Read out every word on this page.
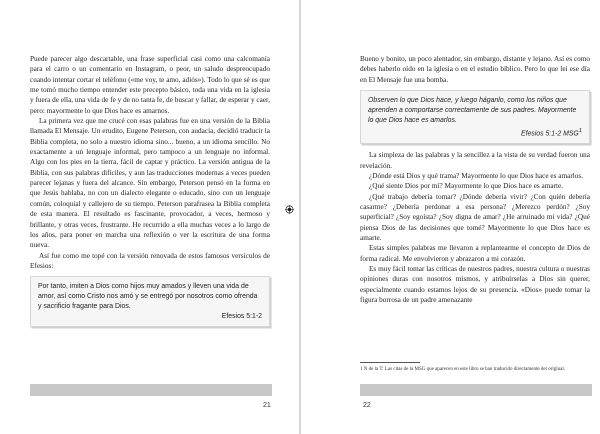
Puede parecer algo descartable, una frase superficial casi como una calcomanía para el carro o un comentario en Instagram, o peor, un saludo despreocupado cuando intentar cortar el teléfono («me voy, te amo, adiós»). Todo lo que sé es que me tomó mucho tiempo entender este precepto básico, toda una vida en la iglesia y fuera de ella, una vida de fe y de no tanta fe, de buscar y fallar, de esperar y caer, pero: mayormente lo que Dios hace es amarnos.

La primera vez que me crucé con esas palabras fue en una versión de la Biblia llamada El Mensaje. Un erudito, Eugene Peterson, con audacia, decidió traducir la Biblia completa, no solo a nuestro idioma sino... bueno, a un idioma sencillo. No exactamente a un lenguaje informal, pero tampoco a un lenguaje no informal. Algo con los pies en la tierra, fácil de captar y práctico. La versión antigua de la Biblia, con sus palabras difíciles, y aun las traducciones modernas a veces pueden parecer lejanas y fuera del alcance. Sin embargo, Peterson pensó en la forma en que Jesús hablaba, no con un dialecto elegante o educado, sino con un lenguaje común, coloquial y callejero de su tiempo. Peterson parafrasea la Biblia completa de esta manera. El resultado es fascinante, provocador, a veces, hermoso y brillante, y otras veces, frustrante. He recurrido a ella muchas veces a lo largo de los años, para poner en marcha una reflexión o ver la escritura de una forma nueva.

Así fue como me topé con la versión renovada de estos famosos versículos de Efesios:

Por tanto, imiten a Dios como hijos muy amados y lleven una vida de amor, así como Cristo nos amó y se entregó por nosotros como ofrenda y sacrificio fragante para Dios.
Efesios 5:1-2
21

Bueno y bonito, un poco alentador, sin embargo, distante y lejano. Así es como debes haberlo oído en la iglesia o en el estudio bíblico. Pero lo que lei ese día en El Mensaje fue una bomba.

Observen lo que Dios hace, y luego háganlo, como los niños que aprenden a comportarse correctamente de sus padres. Mayormente lo que Dios hace es amarlos.
Efesios 5:1-2 MSG$^1$

La simpleza de las palabras y la sencillez a la vista de su verdad fueron una revelación.

¿Dónde está Dios y qué trama? Mayormente lo que Dios hace es amarlos.

¿Qué siente Dios por mí? Mayormente lo que Dios hace es amarte.

¿Qué trabajo debería tomar? ¿Dónde debería vivir? ¿Con quién debería casarme? ¿Debería perdonar a esa persona? ¿Merezco perdón? ¿Soy superficial? ¿Soy egoísta? ¿Soy digna de amar? ¿He arruinado mi vida? ¿Qué piensa Dios de las decisiones que tomé? Mayormente lo que Dios hace es amarte.

Estas simples palabras me llevaron a replantearme el concepto de Dios de forma radical. Me envolvieron y abrazaron a mi corazón.

Es muy fácil tomar las críticas de nuestros padres, nuestra cultura o nuestras opiniones duras con nosotros mismos, y atribuírselas a Dios sin querer, especialmente cuando estamos lejos de su presencia. «Dios» puede tomar la figura borrosa de un padre amenazante

1 N de la T: Las citas de la MSG que aparecen en este libro se han traducido directamente del original.
22
